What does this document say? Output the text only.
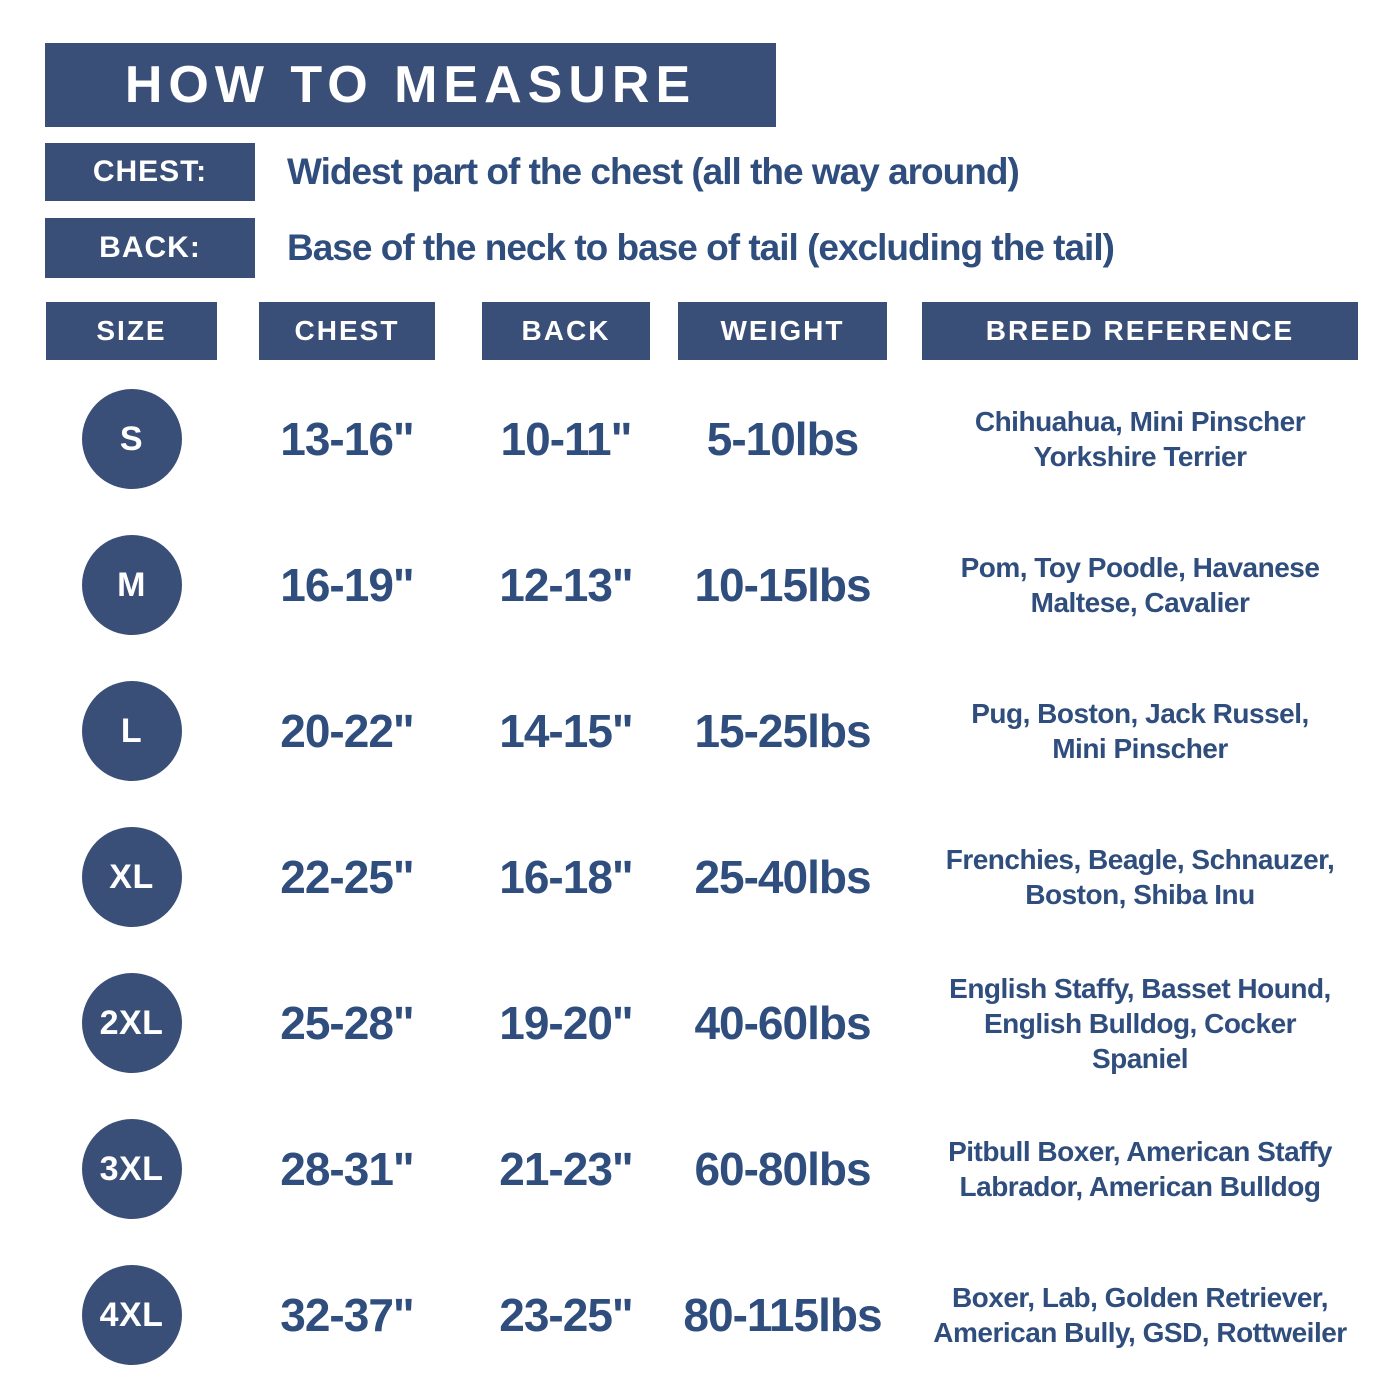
HOW TO MEASURE
CHEST: Widest part of the chest (all the way around)
BACK: Base of the neck to base of tail (excluding the tail)
SIZE	CHEST	BACK	WEIGHT	BREED REFERENCE
S	13-16"	10-11"	5-10lbs	Chihuahua, Mini Pinscher
Yorkshire Terrier
M	16-19"	12-13"	10-15lbs	Pom, Toy Poodle, Havanese
Maltese, Cavalier
L	20-22"	14-15"	15-25lbs	Pug, Boston, Jack Russel,
Mini Pinscher
XL	22-25"	16-18"	25-40lbs	Frenchies, Beagle, Schnauzer,
Boston, Shiba Inu
2XL	25-28"	19-20"	40-60lbs
English Staffy, Basset Hound,
English Bulldog, Cocker
Spaniel
3XL	28-31"	21-23"	60-80lbs	Pitbull Boxer, American Staffy
Labrador, American Bulldog
4XL	32-37"	23-25"	80-115lbs	Boxer, Lab, Golden Retriever,
American Bully, GSD, Rottweiler
